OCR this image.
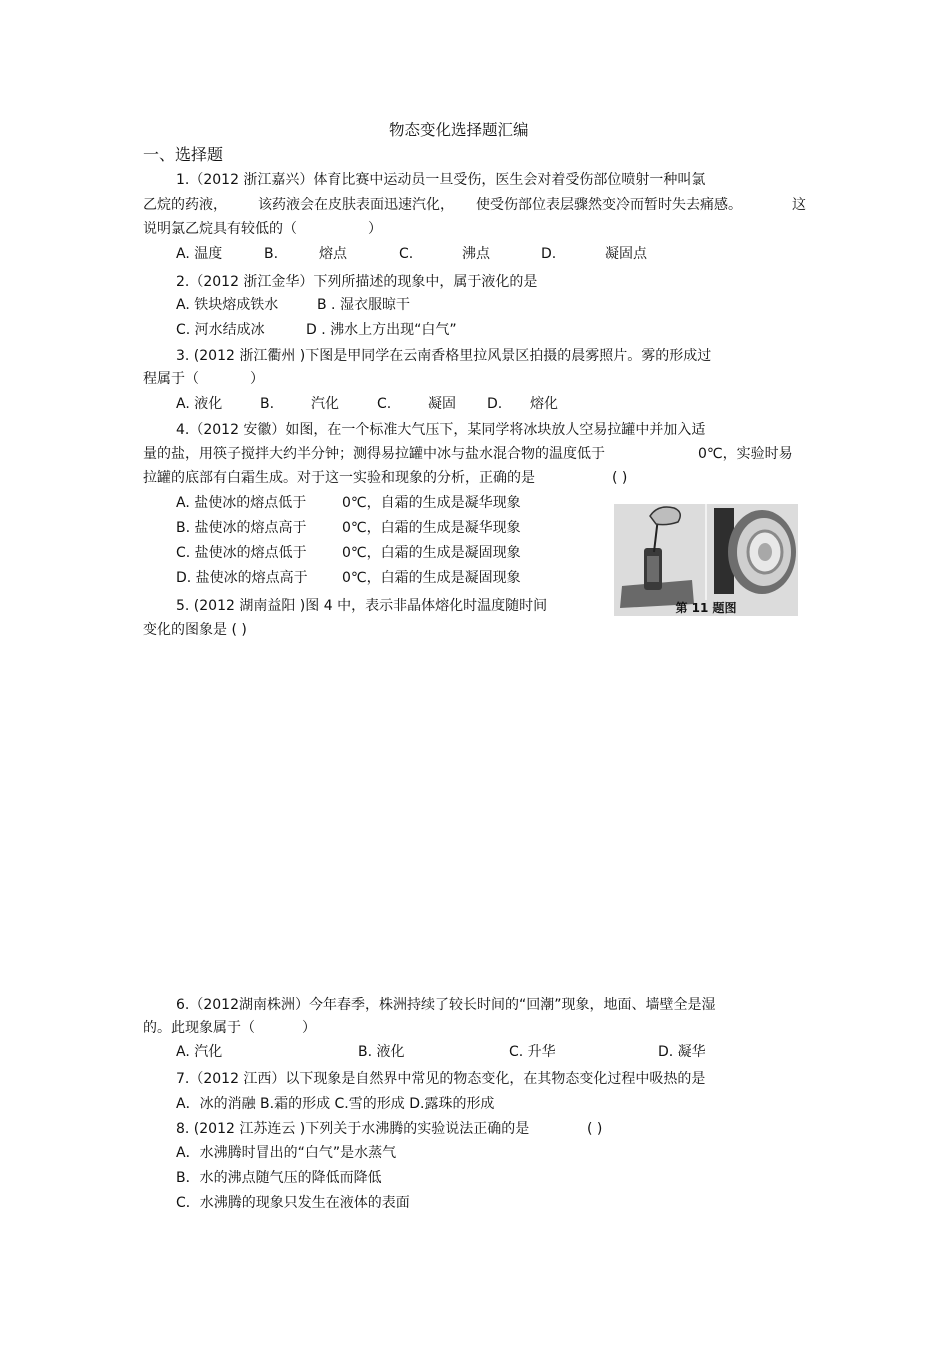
物态变化选择题汇编
一、选择题
1.（2012 浙江嘉兴）体育比赛中运动员一旦受伤，医生会对着受伤部位喷射一种叫氯
乙烷的药液， 该药液会在皮肤表面迅速汽化， 使受伤部位表层骤然变冷而暂时失去痛感。	这
说明氯乙烷具有较低的（	）
A. 温度	B.	熔点	C.	沸点	D.	凝固点
2.（2012 浙江金华）下列所描述的现象中，属于液化的是
A. 铁块熔成铁水	B . 湿衣服晾干
C. 河水结成冰	D . 沸水上方出现“白气”
3. (2012 浙江衢州 )下图是甲同学在云南香格里拉风景区拍摄的晨雾照片。雾的形成过
程属于（	）
A. 液化	B.	汽化	C.	凝固 D. 熔化
4.（2012 安徽）如图，在一个标准大气压下，某同学将冰块放人空易拉罐中并加入适
量的盐，用筷子搅拌大约半分钟；测得易拉罐中冰与盐水混合物的温度低于	0℃，实验时易
拉罐的底部有白霜生成。对于这一实验和现象的分析，正确的是	( )
A. 盐使冰的熔点低于	0℃，自霜的生成是凝华现象
B. 盐使冰的熔点高于	0℃，白霜的生成是凝华现象
C. 盐使冰的熔点低于	0℃，白霜的生成是凝固现象
D. 盐使冰的熔点高于 0℃，白霜的生成是凝固现象
第 11 题图
5. (2012 湖南益阳 )图 4 中，表示非晶体熔化时温度随时间
变化的图象是 ( )
6.（2012湖南株洲）今年春季，株洲持续了较长时间的“回潮”现象，地面、墙壁全是湿
的。此现象属于（	）
A. 汽化	B. 液化	C. 升华	D. 凝华
7.（2012 江西）以下现象是自然界中常见的物态变化，在其物态变化过程中吸热的是
A．冰的消融 B.霜的形成 C.雪的形成 D.露珠的形成
8. (2012 江苏连云 )下列关于水沸腾的实验说法正确的是	( )
A．水沸腾时冒出的“白气”是水蒸气
B．水的沸点随气压的降低而降低
C．水沸腾的现象只发生在液体的表面
